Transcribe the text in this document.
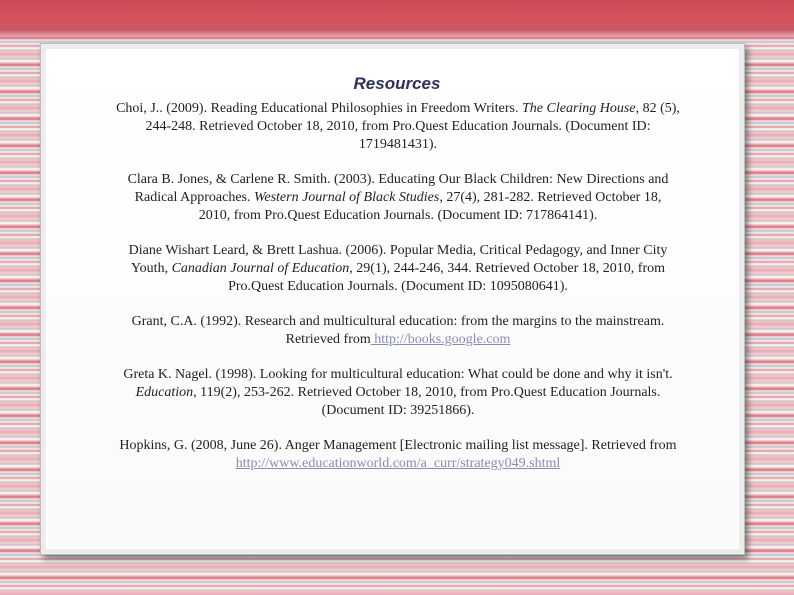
Resources
Choi, J.. (2009). Reading Educational Philosophies in Freedom Writers. The Clearing House, 82 (5),
244-248. Retrieved October 18, 2010, from Pro.Quest Education Journals. (Document ID:
1719481431).
Clara B. Jones, & Carlene R. Smith. (2003). Educating Our Black Children: New Directions and
Radical Approaches. Western Journal of Black Studies, 27(4), 281-282. Retrieved October 18,
2010, from Pro.Quest Education Journals. (Document ID: 717864141).
Diane Wishart Leard, & Brett Lashua. (2006). Popular Media, Critical Pedagogy, and Inner City
Youth, Canadian Journal of Education, 29(1), 244-246, 344. Retrieved October 18, 2010, from
Pro.Quest Education Journals. (Document ID: 1095080641).
Grant, C.A. (1992). Research and multicultural education: from the margins to the mainstream.
Retrieved from http://books.google.com
Greta K. Nagel. (1998). Looking for multicultural education: What could be done and why it isn't.
Education, 119(2), 253-262. Retrieved October 18, 2010, from Pro.Quest Education Journals.
(Document ID: 39251866).
Hopkins, G. (2008, June 26). Anger Management [Electronic mailing list message]. Retrieved from
http://www.educationworld.com/a_curr/strategy049.shtml
